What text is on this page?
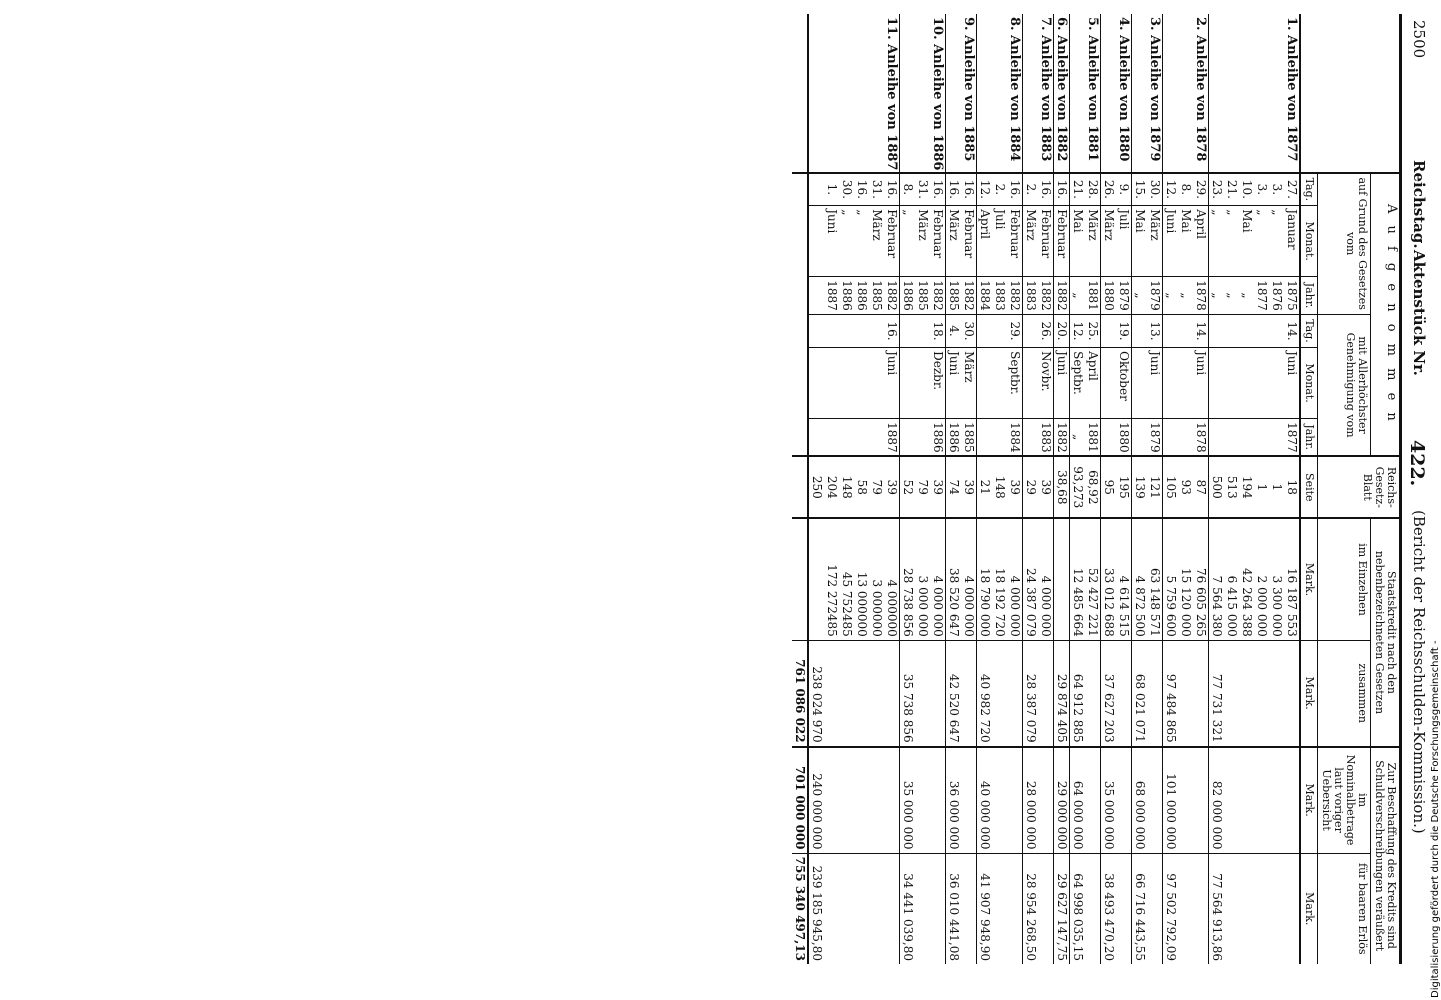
2500
Reichstag.
Aktenstück Nr.
422.
(Bericht der Reichsschulden-Kommission.)
	A u f g e n o m m e n						Reichs-Gesetz-Blatt	Staatskredit nach den nebenbezeichneten Gesetzen		Zur Beschaffung des Kredits sind Schuldverschreibungen veräußert	
	auf Grund des Gesetzes vom			mit Allerhöchster Genehmigung vom				im Einzelnen	zusammen	im Nominalbetrage laut voriger Uebersicht	für baaren Erlös
	Tag.	Monat.	Jahr.	Tag.	Monat.	Jahr.	Seite	Mark.	Mark.	Mark.	Mark.
1. Anleihe von 1877	27.	Januar	1875	14.	Juni	1877	18	16 187 553			
	3.	„	1876				1	3 300 000			
	3.	„	1877				1	2 000 000			
	10.	Mai	„				194	42 264 388			
	21.	„	„				513	6 415 000			
	23.	„	„				500	7 564 380	77 731 321	82 000 000	77 564 913,86
2. Anleihe von 1878	29.	April	1878	14.	Juni	1878	87	76 605 265			
	8.	Mai	„				93	15 120 000			
	12.	Juni	„				105	5 759 600	97 484 865	101 000 000	97 502 792,09
3. Anleihe von 1879	30.	März	1879	13.	Juni	1879	121	63 148 571			
	15.	Mai	„				139	4 872 500	68 021 071	68 000 000	66 716 443,55
4. Anleihe von 1880	9.	Juli	1879	19.	Oktober	1880	195	4 614 515			
	26.	März	1880				95	33 012 688	37 627 203	35 000 000	38 493 470,20
5. Anleihe von 1881	28.	März	1881	25.	April	1881	68,92	52 427 221			
	21.	Mai	„	12.	Septbr.	„	93,273	12 485 664	64 912 885	64 000 000	64 998 035,15
6. Anleihe von 1882	16.	Februar	1882	20.	Juni	1882	38,68		29 874 405	29 000 000	29 627 147,75
7. Anleihe von 1883	16.	Februar	1882	26.	Novbr.	1883	39	4 000 000			
	2.	März	1883				29	24 387 079	28 387 079	28 000 000	28 954 268,50
8. Anleihe von 1884	16.	Februar	1882	29.	Septbr.	1884	39	4 000 000			
	2.	Juli	1883				148	18 192 720			
	12.	April	1884				21	18 790 000	40 982 720	40 000 000	41 907 948,90
9. Anleihe von 1885	16.	Februar	1882	30.	März	1885	39	4 000 000			
	16.	März	1885	4.	Juni	1886	74	38 520 647	42 520 647	36 000 000	36 010 441,08
10. Anleihe von 1886	16.	Februar	1882	18.	Dezbr.	1886	39	4 000 000			
	31.	März	1885				79	3 000 000			
	8.	„	1886				52	28 738 856	35 738 856	35 000 000	34 441 039,80
11. Anleihe von 1887	16.	Februar	1882	16.	Juni	1887	39	4 000000			
	31.	März	1885				79	3 000000			
	16.	„	1886				58	13 000000			
	30.	„	1886				148	45 752485			
	1.	Juni	1887				204	172 272485			
							250		238 024 970	240 000 000	239 185 945,80
									761 086 022	701 000 000	755 340 497,13	Digitalisierung gefördert durch die Deutsche Forschungsgemeinschaft -
